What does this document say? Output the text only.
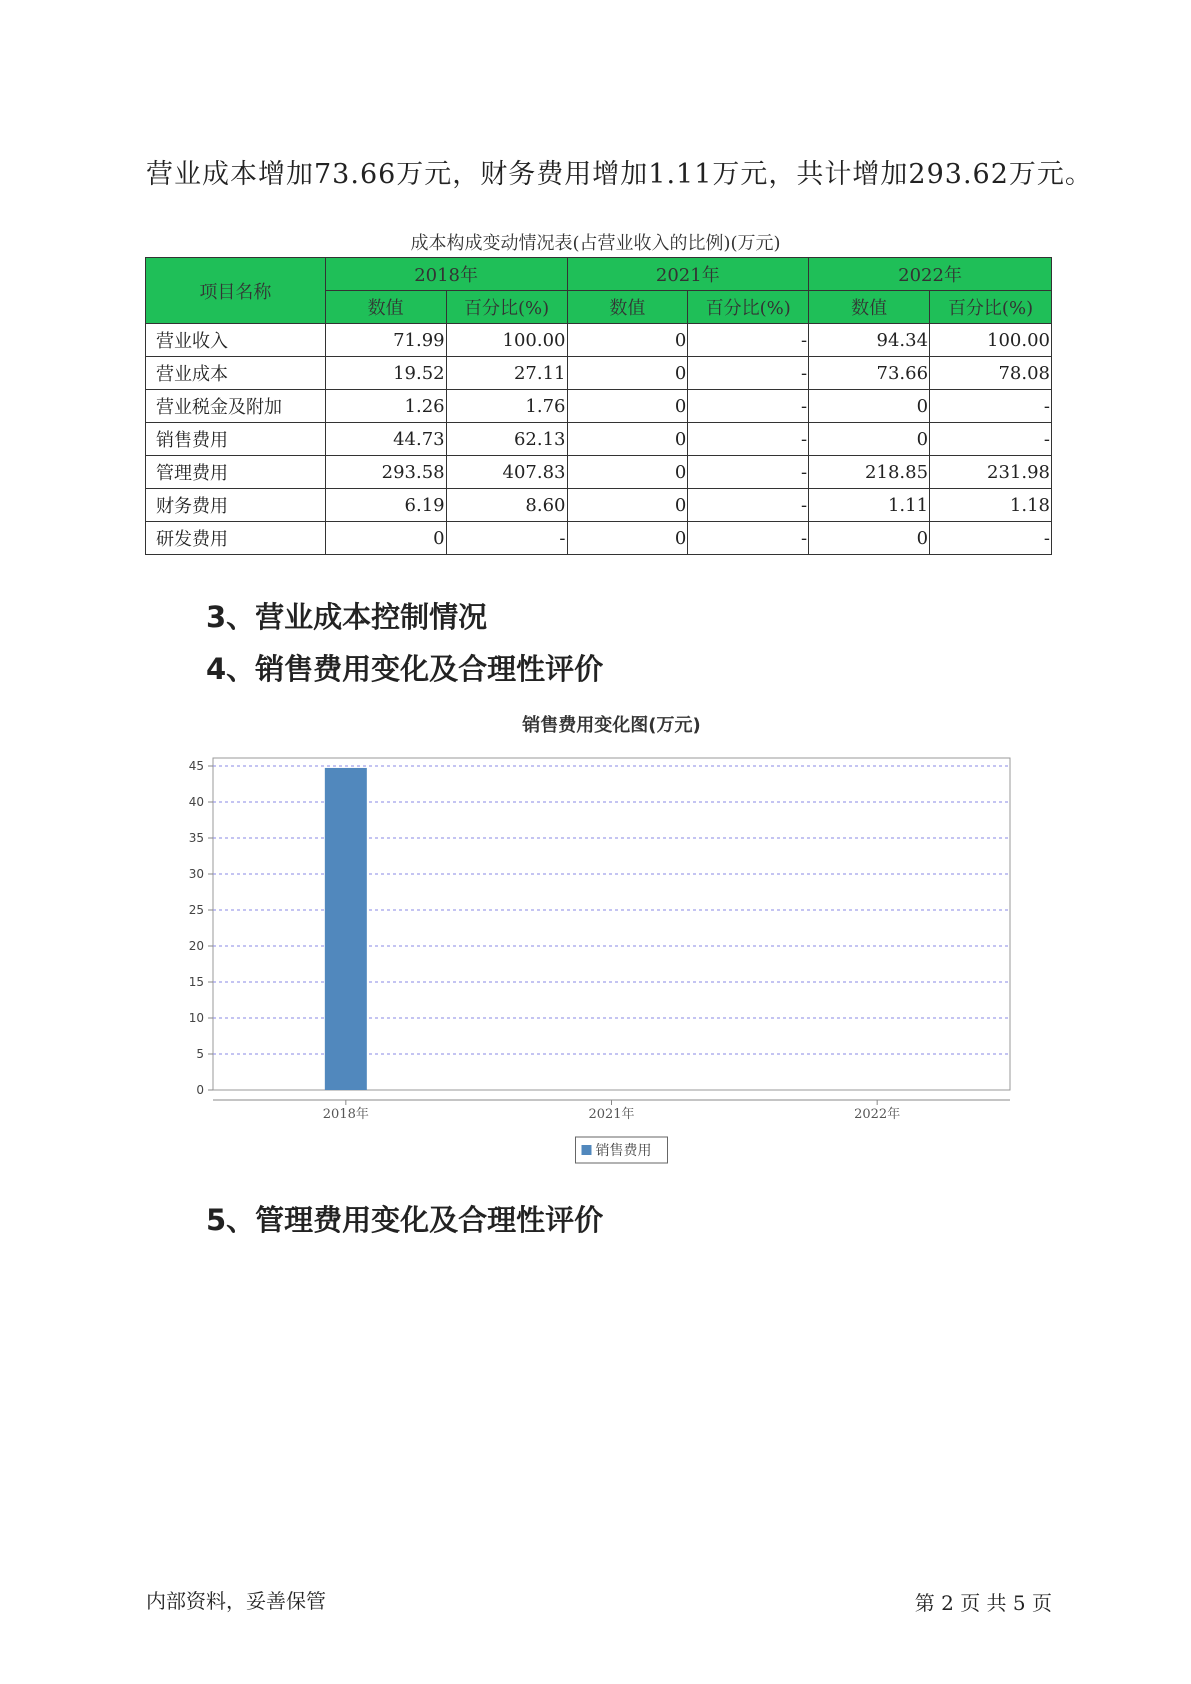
营业成本增加73.66万元，财务费用增加1.11万元，共计增加293.62万元。
成本构成变动情况表(占营业收入的比例)(万元)
项目名称	2018年		2021年		2022年	
	数值	百分比(%)	数值	百分比(%)	数值	百分比(%)
营业收入	71.99	100.00	0	-	94.34	100.00
营业成本	19.52	27.11	0	-	73.66	78.08
营业税金及附加	1.26	1.76	0	-	0	-
销售费用	44.73	62.13	0	-	0	-
管理费用	293.58	407.83	0	-	218.85	231.98
财务费用	6.19	8.60	0	-	1.11	1.18
研发费用	0	-	0	-	0	-
3、营业成本控制情况
4、销售费用变化及合理性评价
销售费用变化图(万元)
0
5
10
15
20
25
30
35
40
45
2018年	2021年	2022年
销售费用
5、管理费用变化及合理性评价
内部资料，妥善保管	第 2 页 共 5 页
